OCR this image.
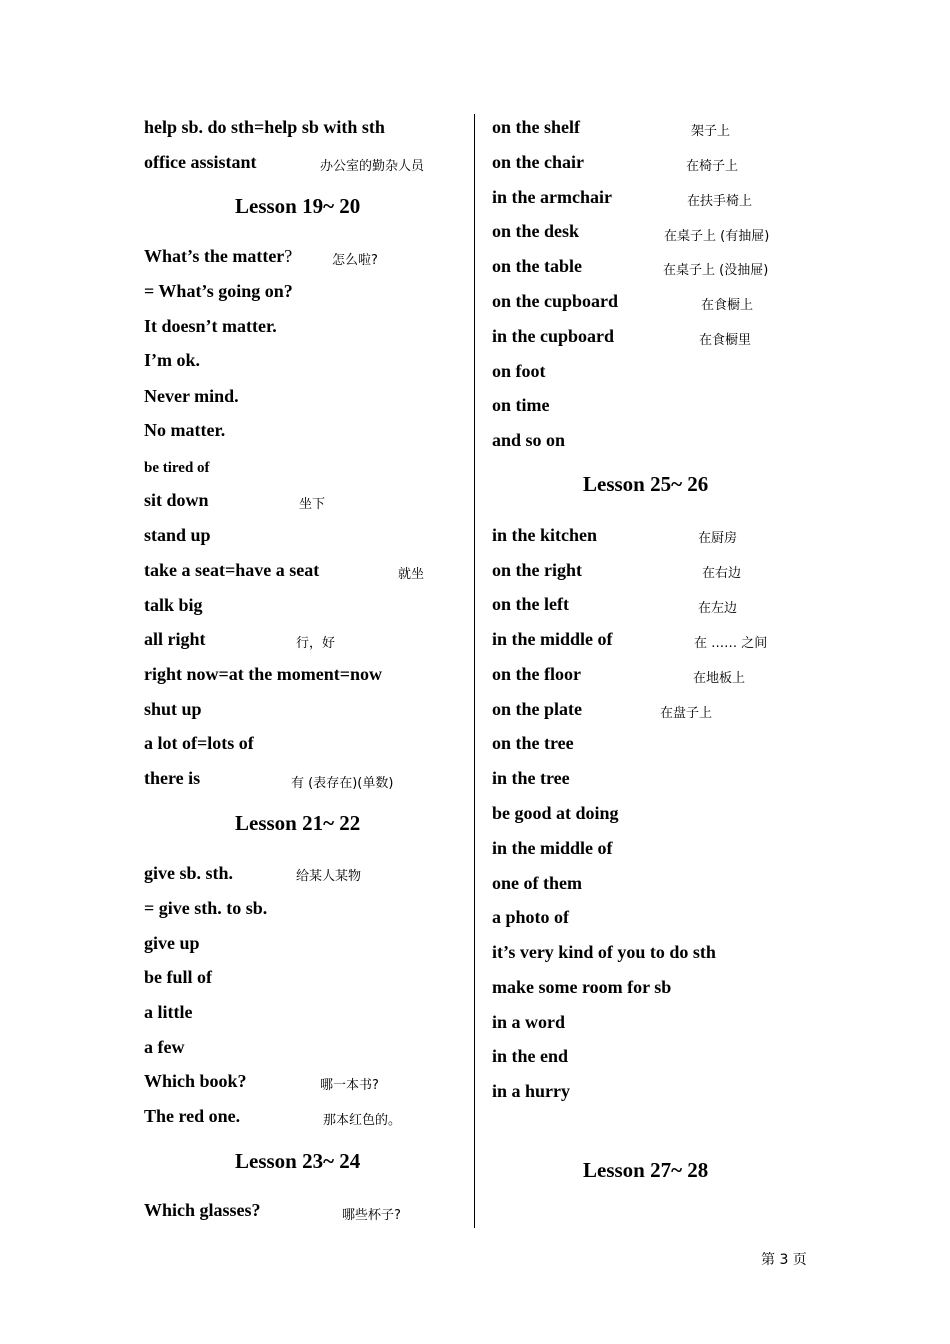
help sb. do sth=help sb with sth
office assistant	办公室的勤杂人员
Lesson 19~ 20
What’s the matter?	怎么啦?
= What’s going on?
It doesn’t matter.
I’m ok.
Never mind.
No matter.
be tired of
sit down	坐下
stand up
take a seat=have a seat	就坐
talk big
all right	行，好
right now=at the moment=now
shut up
a lot of=lots of
there is	有 (表存在)(单数)
Lesson 21~ 22
give sb. sth.	给某人某物
= give sth. to sb.
give up
be full of
a little
a few
Which book?	哪一本书?
The red one.	那本红色的。
Lesson 23~ 24
Which glasses?	哪些杯子?
on the shelf	架子上
on the chair	在椅子上
in the armchair	在扶手椅上
on the desk	在桌子上 (有抽屉)
on the table	在桌子上 (没抽屉)
on the cupboard	在食橱上
in the cupboard	在食橱里
on foot
on time
and so on
Lesson 25~ 26
in the kitchen	在厨房
on the right	在右边
on the left	在左边
in the middle of	在 …… 之间
on the floor	在地板上
on the plate	在盘子上
on the tree
in the tree
be good at doing
in the middle of
one of them
a photo of
it’s very kind of you to do sth
make some room for sb
in a word
in the end
in a hurry
Lesson 27~ 28
第 3 页
